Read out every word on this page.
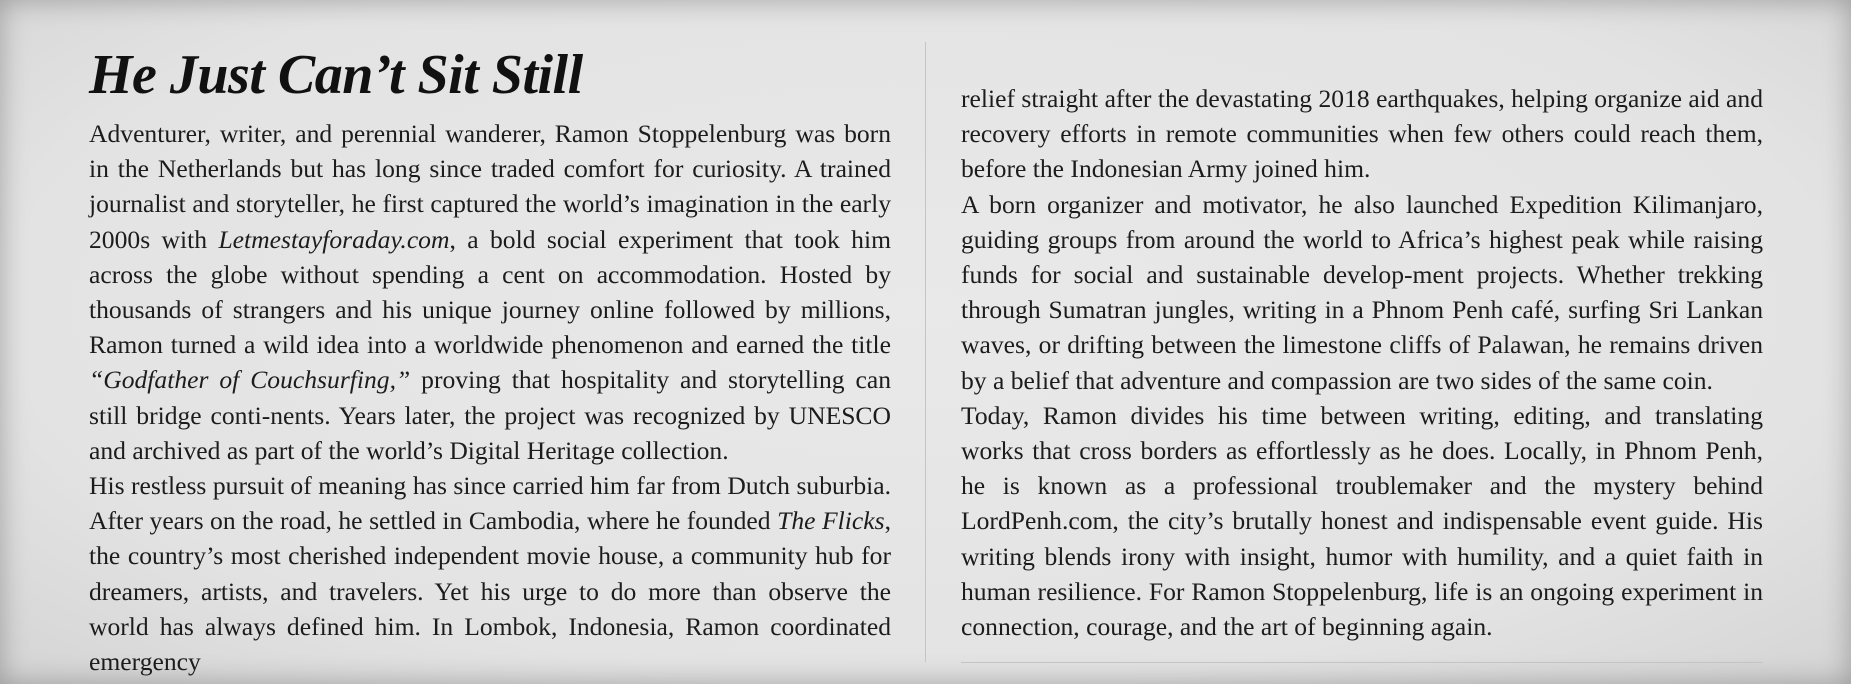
He Just Can’t Sit Still

Adventurer, writer, and perennial wanderer, Ramon Stoppelenburg was born in the Netherlands but has long since traded comfort for curiosity. A trained journalist and storyteller, he first captured the world’s imagination in the early 2000s with Letmestayforaday.com, a bold social experiment that took him across the globe without spending a cent on accommodation. Hosted by thousands of strangers and his unique journey online followed by millions, Ramon turned a wild idea into a worldwide phenomenon and earned the title “Godfather of Couchsurfing,” proving that hospitality and storytelling can still bridge conti-nents. Years later, the project was recognized by UNESCO and archived as part of the world’s Digital Heritage collection.

His restless pursuit of meaning has since carried him far from Dutch suburbia. After years on the road, he settled in Cambodia, where he founded The Flicks, the country’s most cherished independent movie house, a community hub for dreamers, artists, and travelers. Yet his urge to do more than observe the world has always defined him. In Lombok, Indonesia, Ramon coordinated emergency

relief straight after the devastating 2018 earthquakes, helping organize aid and recovery efforts in remote communities when few others could reach them, before the Indonesian Army joined him.

A born organizer and motivator, he also launched Expedition Kilimanjaro, guiding groups from around the world to Africa’s highest peak while raising funds for social and sustainable develop-ment projects. Whether trekking through Sumatran jungles, writing in a Phnom Penh café, surfing Sri Lankan waves, or drifting between the limestone cliffs of Palawan, he remains driven by a belief that adventure and compassion are two sides of the same coin.

Today, Ramon divides his time between writing, editing, and translating works that cross borders as effortlessly as he does. Locally, in Phnom Penh, he is known as a professional troublemaker and the mystery behind LordPenh.com, the city’s brutally honest and indispensable event guide. His writing blends irony with insight, humor with humility, and a quiet faith in human resilience. For Ramon Stoppelenburg, life is an ongoing experiment in connection, courage, and the art of beginning again.
